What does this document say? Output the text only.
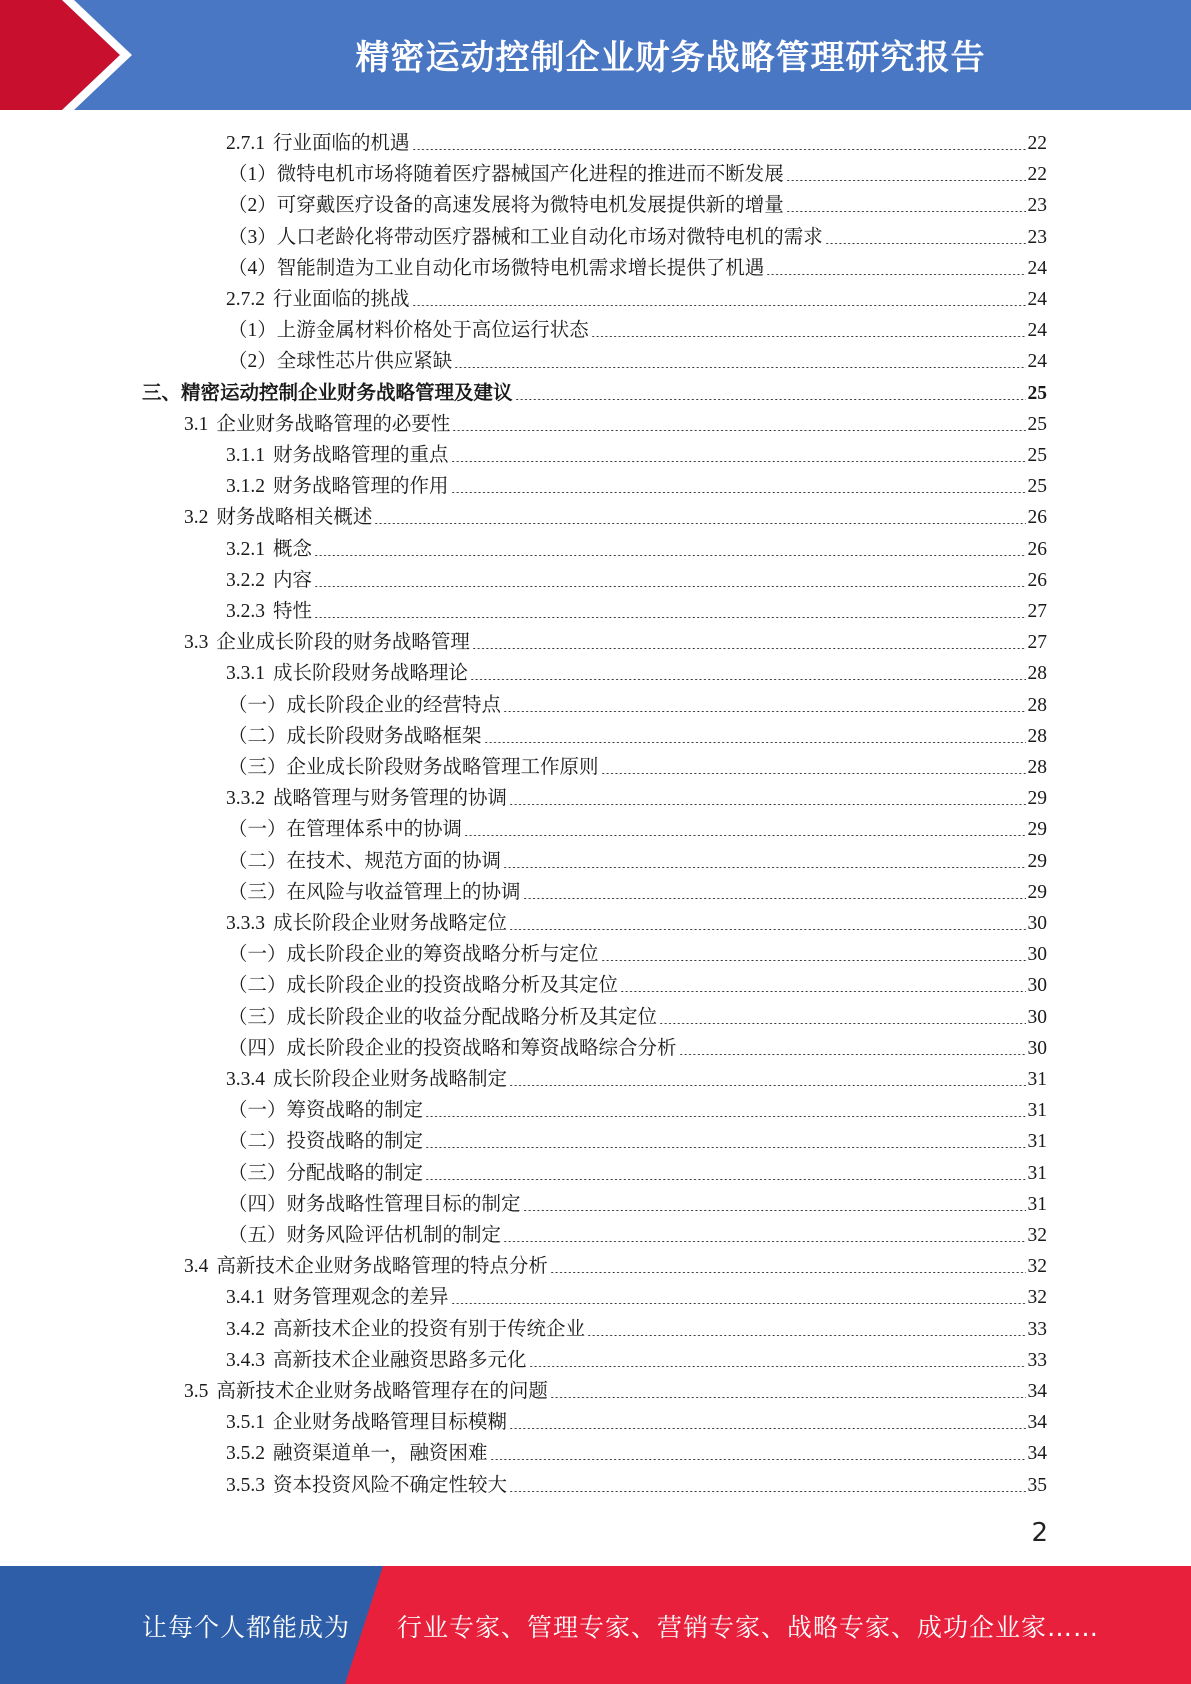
精密运动控制企业财务战略管理研究报告
2.7.1 行业面临的机遇	22
（1）微特电机市场将随着医疗器械国产化进程的推进而不断发展	22
（2）可穿戴医疗设备的高速发展将为微特电机发展提供新的增量	23
（3）人口老龄化将带动医疗器械和工业自动化市场对微特电机的需求	23
（4）智能制造为工业自动化市场微特电机需求增长提供了机遇	24
2.7.2 行业面临的挑战	24
（1）上游金属材料价格处于高位运行状态	24
（2）全球性芯片供应紧缺	24
三、精密运动控制企业财务战略管理及建议	25
3.1 企业财务战略管理的必要性	25
3.1.1 财务战略管理的重点	25
3.1.2 财务战略管理的作用	25
3.2 财务战略相关概述	26
3.2.1 概念	26
3.2.2 内容	26
3.2.3 特性	27
3.3 企业成长阶段的财务战略管理	27
3.3.1 成长阶段财务战略理论	28
（一）成长阶段企业的经营特点	28
（二）成长阶段财务战略框架	28
（三）企业成长阶段财务战略管理工作原则	28
3.3.2 战略管理与财务管理的协调	29
（一）在管理体系中的协调	29
（二）在技术、规范方面的协调	29
（三）在风险与收益管理上的协调	29
3.3.3 成长阶段企业财务战略定位	30
（一）成长阶段企业的筹资战略分析与定位	30
（二）成长阶段企业的投资战略分析及其定位	30
（三）成长阶段企业的收益分配战略分析及其定位	30
（四）成长阶段企业的投资战略和筹资战略综合分析	30
3.3.4 成长阶段企业财务战略制定	31
（一）筹资战略的制定	31
（二）投资战略的制定	31
（三）分配战略的制定	31
（四）财务战略性管理目标的制定	31
（五）财务风险评估机制的制定	32
3.4 高新技术企业财务战略管理的特点分析	32
3.4.1 财务管理观念的差异	32
3.4.2 高新技术企业的投资有别于传统企业	33
3.4.3 高新技术企业融资思路多元化	33
3.5 高新技术企业财务战略管理存在的问题	34
3.5.1 企业财务战略管理目标模糊	34
3.5.2 融资渠道单一，融资困难	34
3.5.3 资本投资风险不确定性较大	35
2
让每个人都能成为 行业专家、管理专家、营销专家、战略专家、成功企业家……
